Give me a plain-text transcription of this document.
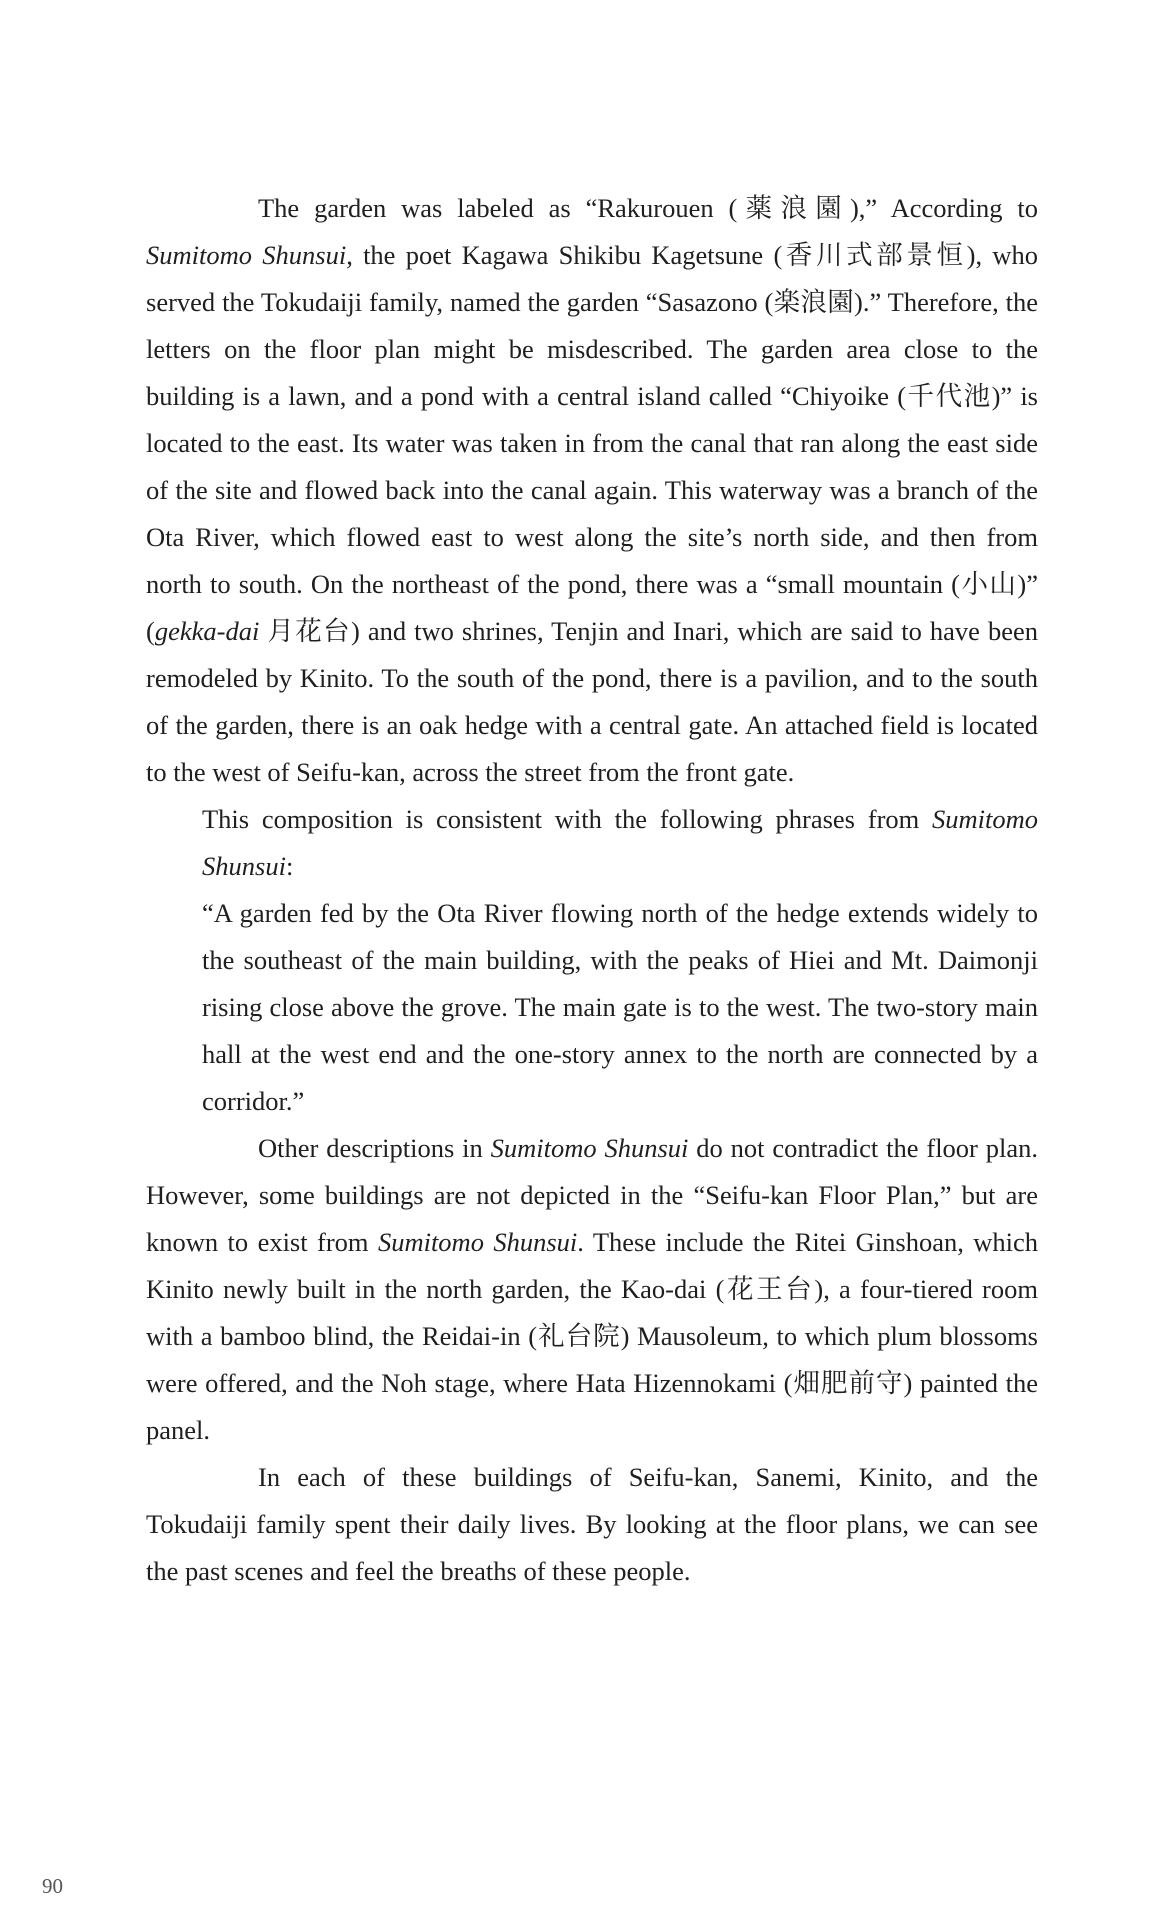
The garden was labeled as “Rakurouen (薬浪園),” According to Sumitomo Shunsui, the poet Kagawa Shikibu Kagetsune (香川式部景恒), who served the Tokudaiji family, named the garden “Sasazono (楽浪園).” Therefore, the letters on the floor plan might be misdescribed. The garden area close to the building is a lawn, and a pond with a central island called “Chiyoike (千代池)” is located to the east. Its water was taken in from the canal that ran along the east side of the site and flowed back into the canal again. This waterway was a branch of the Ota River, which flowed east to west along the site’s north side, and then from north to south. On the northeast of the pond, there was a “small mountain (小山)” (gekka-dai 月花台) and two shrines, Tenjin and Inari, which are said to have been remodeled by Kinito. To the south of the pond, there is a pavilion, and to the south of the garden, there is an oak hedge with a central gate. An attached field is located to the west of Seifu-kan, across the street from the front gate.

This composition is consistent with the following phrases from Sumitomo Shunsui:

“A garden fed by the Ota River flowing north of the hedge extends widely to the southeast of the main building, with the peaks of Hiei and Mt. Daimonji rising close above the grove. The main gate is to the west. The two-story main hall at the west end and the one-story annex to the north are connected by a corridor.”

Other descriptions in Sumitomo Shunsui do not contradict the floor plan. However, some buildings are not depicted in the “Seifu-kan Floor Plan,” but are known to exist from Sumitomo Shunsui. These include the Ritei Ginshoan, which Kinito newly built in the north garden, the Kao-dai (花王台), a four-tiered room with a bamboo blind, the Reidai-in (礼台院) Mausoleum, to which plum blossoms were offered, and the Noh stage, where Hata Hizennokami (畑肥前守) painted the panel.

In each of these buildings of Seifu-kan, Sanemi, Kinito, and the Tokudaiji family spent their daily lives. By looking at the floor plans, we can see the past scenes and feel the breaths of these people.

90
